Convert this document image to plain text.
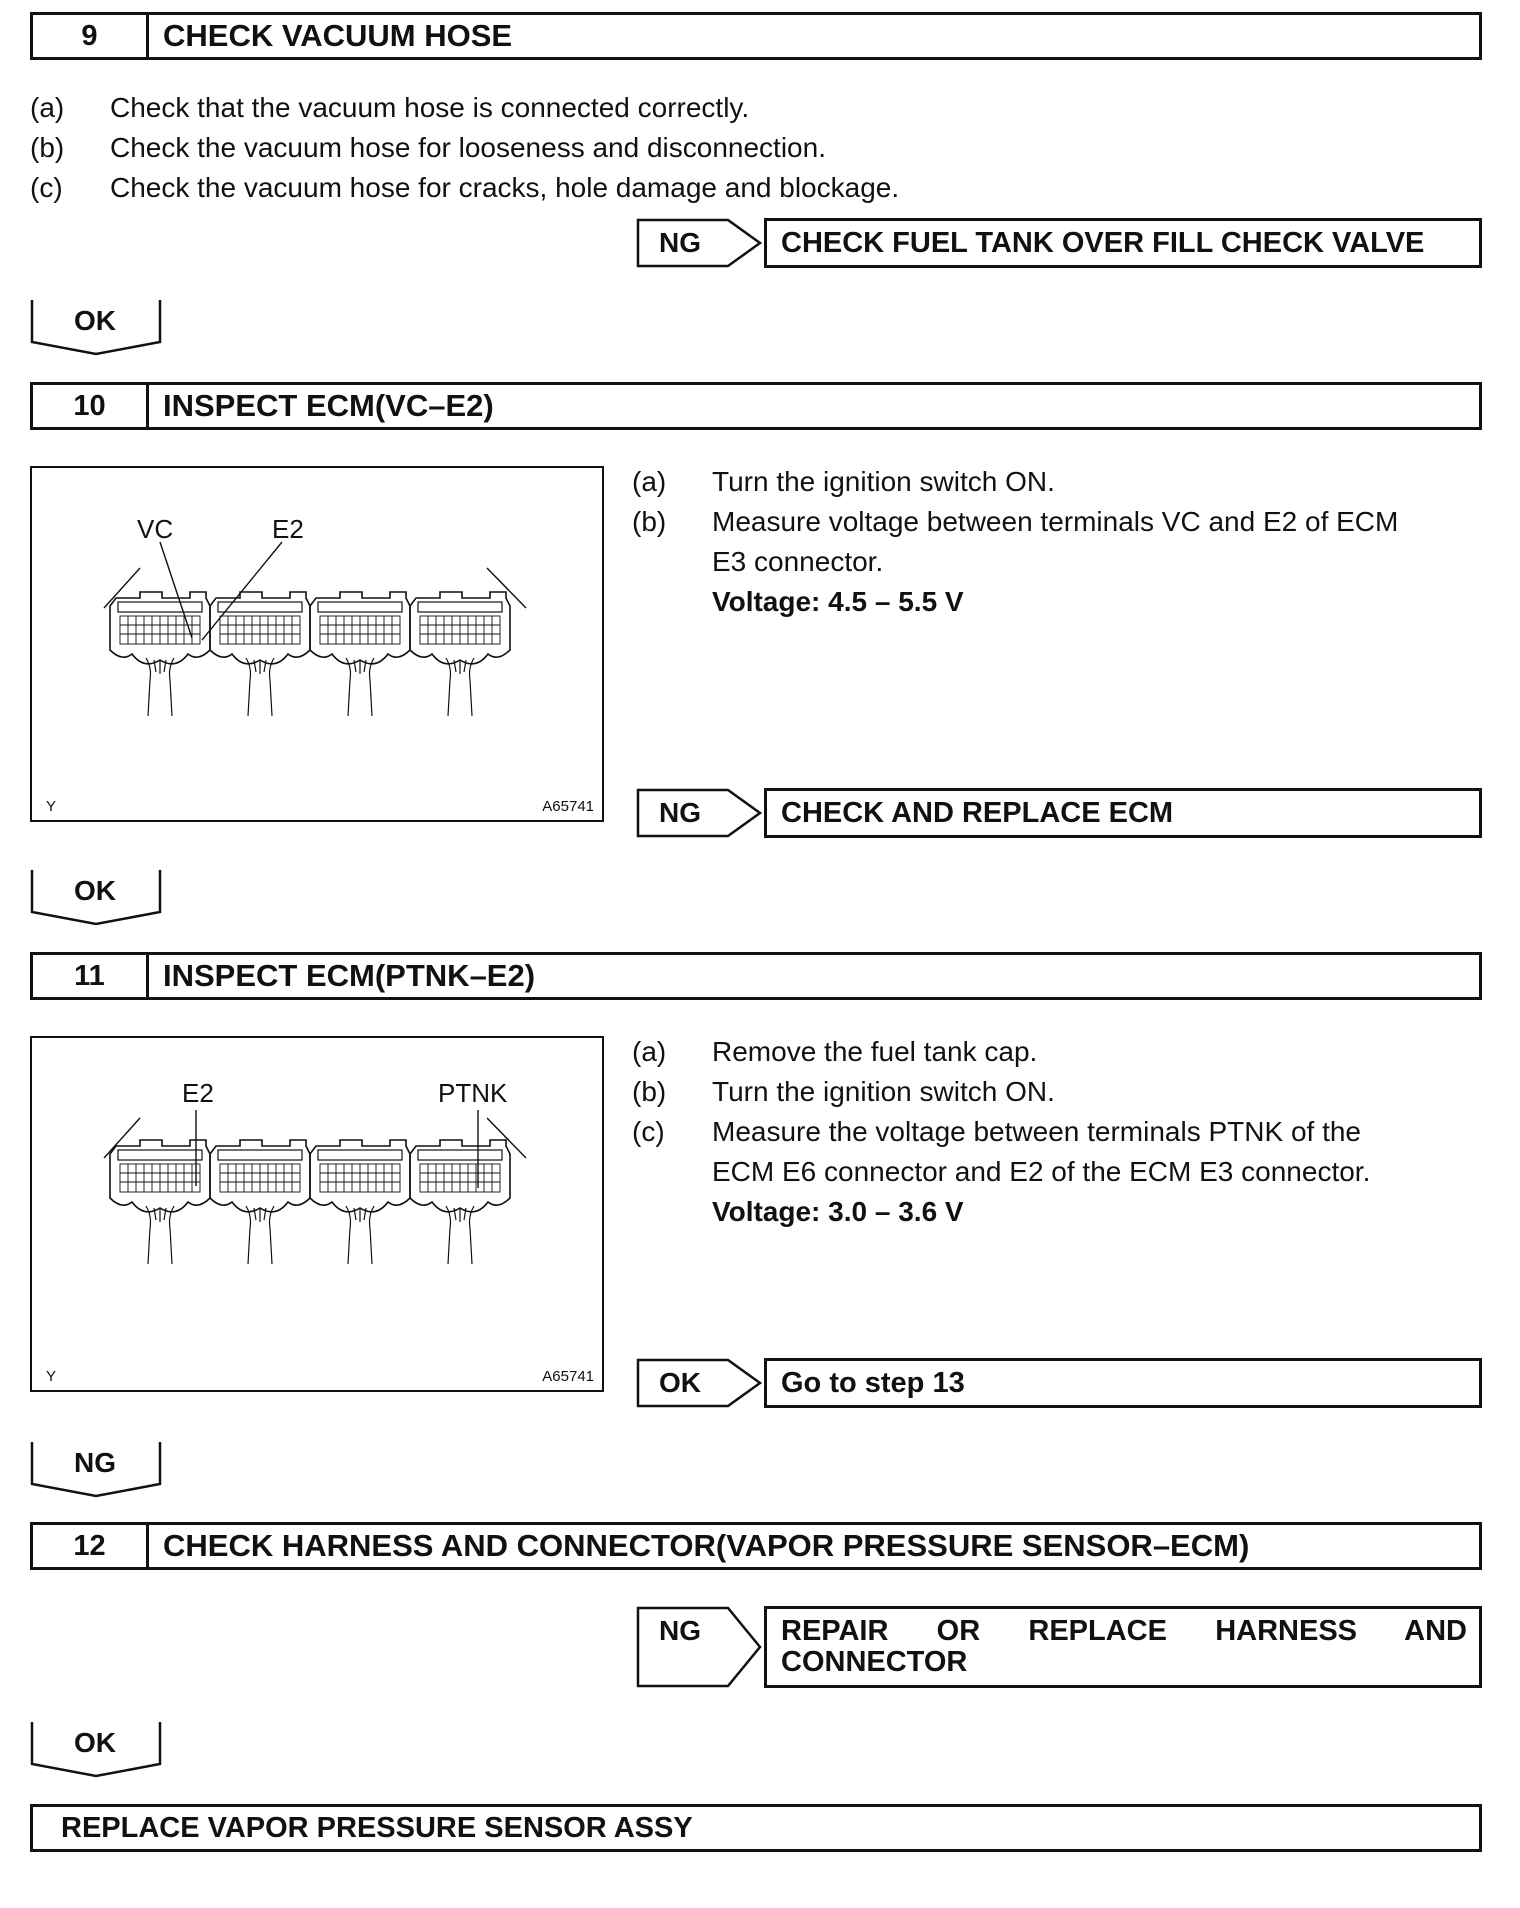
9	CHECK VACUUM HOSE
(a) Check that the vacuum hose is connected correctly.
(b) Check the vacuum hose for looseness and disconnection.
(c) Check the vacuum hose for cracks, hole damage and blockage.
NG	CHECK FUEL TANK OVER FILL CHECK VALVE
OK
10	INSPECT ECM(VC–E2)
VC	E2
Y	A65741
(a) Turn the ignition switch ON.
(b) Measure voltage between terminals VC and E2 of ECM
E3 connector.
Voltage: 4.5 – 5.5 V
NG	CHECK AND REPLACE ECM
OK
11	INSPECT ECM(PTNK–E2)
E2	PTNK
Y	A65741
(a) Remove the fuel tank cap.
(b) Turn the ignition switch ON.
(c) Measure the voltage between terminals PTNK of the
ECM E6 connector and E2 of the ECM E3 connector.
Voltage: 3.0 – 3.6 V
OK	Go to step 13
NG
12	CHECK HARNESS AND CONNECTOR(VAPOR PRESSURE SENSOR–ECM)
NG	REPAIR OR REPLACE HARNESS AND
CONNECTOR
OK
REPLACE VAPOR PRESSURE SENSOR ASSY
